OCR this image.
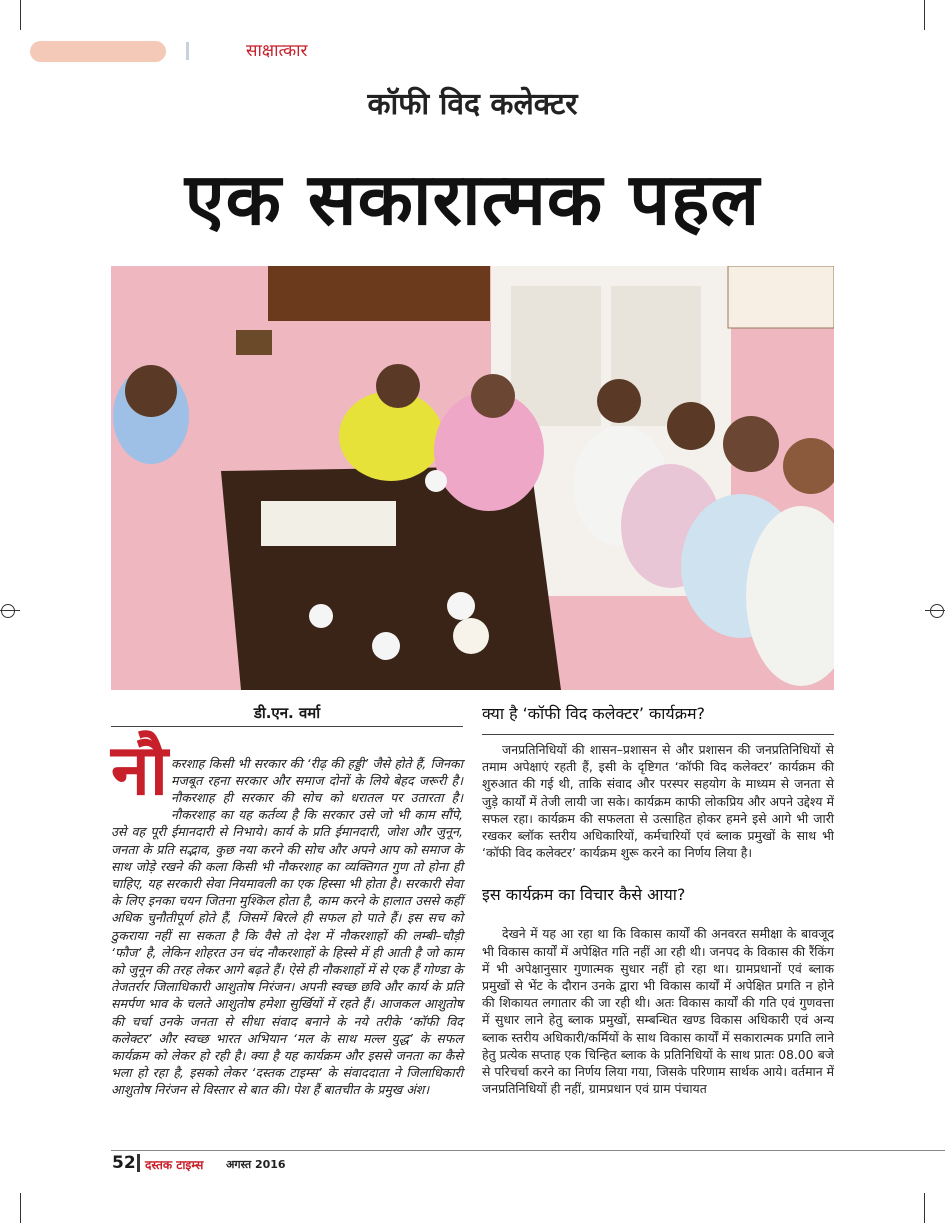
साक्षात्कार
कॉफी विद कलेक्टर
एक सकारात्मक पहल
डी.एन. वर्मा
नौ करशाह किसी भी सरकार की ‘रीढ़ की हड्डी’ जैसे होते हैं, जिनका मजबूत रहना सरकार और समाज दोनों के लिये बेहद जरूरी है। नौकरशाह ही सरकार की सोच को धरातल पर उतारता है। नौकरशाह का यह कर्तव्य है कि सरकार उसे जो भी काम सौंपे, उसे वह पूरी ईमानदारी से निभाये। कार्य के प्रति ईमानदारी, जोश और जुनून, जनता के प्रति सद्भाव, कुछ नया करने की सोच और अपने आप को समाज के साथ जोड़े रखने की कला किसी भी नौकरशाह का व्यक्तिगत गुण तो होना ही चाहिए, यह सरकारी सेवा नियमावली का एक हिस्सा भी होता है। सरकारी सेवा के लिए इनका चयन जितना मुश्किल होता है, काम करने के हालात उससे कहीं अधिक चुनौतीपूर्ण होते हैं, जिसमें बिरले ही सफल हो पाते हैं। इस सच को ठुकराया नहीं सा सकता है कि वैसे तो देश में नौकरशाहों की लम्बी–चौड़ी ‘फौज’ है, लेकिन शोहरत उन चंद नौकरशाहों के हिस्से में ही आती है जो काम को जुनून की तरह लेकर आगे बढ़ते हैं। ऐसे ही नौकशाहों में से एक हैं गोण्डा के तेजतर्रार जिलाधिकारी आशुतोष निरंजन। अपनी स्वच्छ छवि और कार्य के प्रति समर्पण भाव के चलते आशुतोष हमेशा सुर्खियों में रहते हैं। आजकल आशुतोष की चर्चा उनके जनता से सीधा संवाद बनाने के नये तरीके ‘कॉफी विद कलेक्टर’ और स्वच्छ भारत अभियान ‘मल के साथ मल्ल युद्ध’ के सफल कार्यक्रम को लेकर हो रही है। क्या है यह कार्यक्रम और इससे जनता का कैसे भला हो रहा है, इसको लेकर ‘दस्तक टाइम्स’ के संवाददाता ने जिलाधिकारी आशुतोष निरंजन से विस्तार से बात की। पेश हैं बातचीत के प्रमुख अंश।

क्या है ‘कॉफी विद कलेक्टर’ कार्यक्रम?

जनप्रतिनिधियों की शासन–प्रशासन से और प्रशासन की जनप्रतिनिधियों से तमाम अपेक्षाएं रहती हैं, इसी के दृष्टिगत ‘कॉफी विद कलेक्टर’ कार्यक्रम की शुरुआत की गई थी, ताकि संवाद और परस्पर सहयोग के माध्यम से जनता से जुड़े कार्यों में तेजी लायी जा सके। कार्यक्रम काफी लोकप्रिय और अपने उद्देश्य में सफल रहा। कार्यक्रम की सफलता से उत्साहित होकर हमने इसे आगे भी जारी रखकर ब्लॉक स्तरीय अधिकारियों, कर्मचारियों एवं ब्लाक प्रमुखों के साथ भी ‘कॉफी विद कलेक्टर’ कार्यक्रम शुरू करने का निर्णय लिया है।

इस कार्यक्रम का विचार कैसे आया?

देखने में यह आ रहा था कि विकास कार्यों की अनवरत समीक्षा के बावजूद भी विकास कार्यों में अपेक्षित गति नहीं आ रही थी। जनपद के विकास की रैंकिंग में भी अपेक्षानुसार गुणात्मक सुधार नहीं हो रहा था। ग्रामप्रधानों एवं ब्लाक प्रमुखों से भेंट के दौरान उनके द्वारा भी विकास कार्यों में अपेक्षित प्रगति न होने की शिकायत लगातार की जा रही थी। अतः विकास कार्यों की गति एवं गुणवत्ता में सुधार लाने हेतु ब्लाक प्रमुखों, सम्बन्धित खण्ड विकास अधिकारी एवं अन्य ब्लाक स्तरीय अधिकारी/कर्मियों के साथ विकास कार्यों में सकारात्मक प्रगति लाने हेतु प्रत्येक सप्ताह एक चिन्हित ब्लाक के प्रतिनिधियों के साथ प्रातः 08.00 बजे से परिचर्चा करने का निर्णय लिया गया, जिसके परिणाम सार्थक आये। वर्तमान में जनप्रतिनिधियों ही नहीं, ग्रामप्रधान एवं ग्राम पंचायत

52 दस्तक टाइम्स अगस्त 2016
